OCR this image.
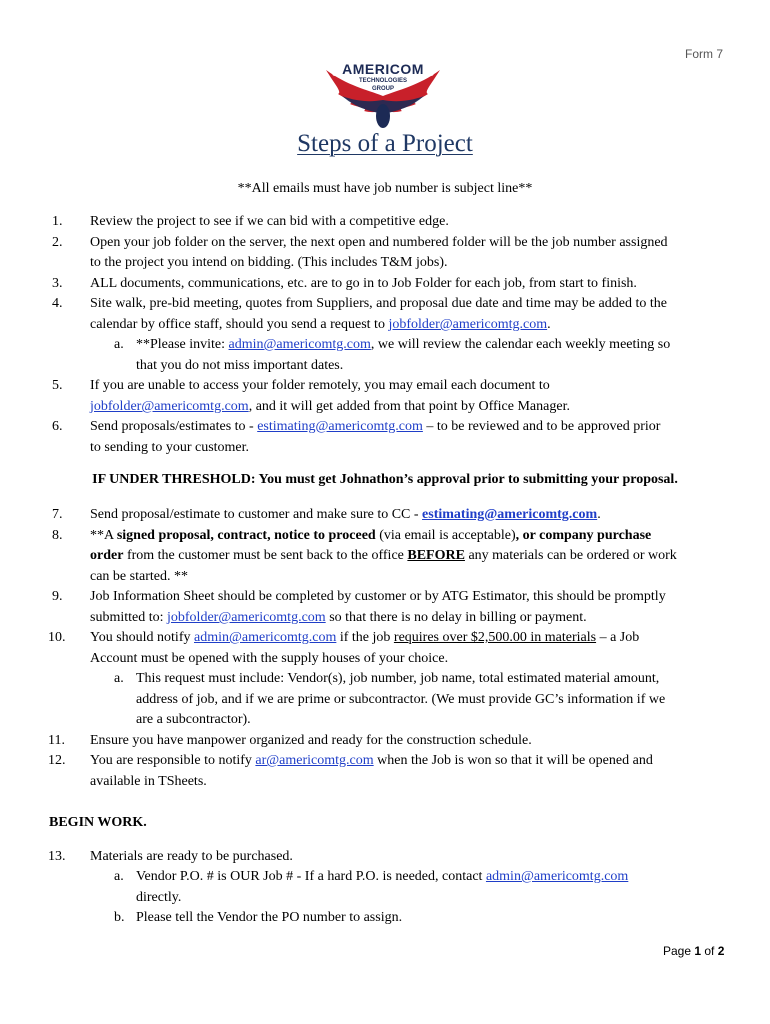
Form 7
AMERICOM
TECHNOLOGIES
GROUP
Steps of a Project
**All emails must have job number is subject line**
1.	Review the project to see if we can bid with a competitive edge.
2. Open your job folder on the server, the next open and numbered folder will be the job number assigned
to the project you intend on bidding. (This includes T&M jobs).
3. ALL documents, communications, etc. are to go in to Job Folder for each job, from start to finish.
4. Site walk, pre-bid meeting, quotes from Suppliers, and proposal due date and time may be added to the
calendar by office staff, should you send a request to jobfolder@americomtg.com.
a. **Please invite: admin@americomtg.com, we will review the calendar each weekly meeting so
that you do not miss important dates.
5. If you are unable to access your folder remotely, you may email each document to
jobfolder@americomtg.com, and it will get added from that point by Office Manager.
6. Send proposals/estimates to - estimating@americomtg.com – to be reviewed and to be approved prior
to sending to your customer.
IF UNDER THRESHOLD: You must get Johnathon’s approval prior to submitting your proposal.
7. Send proposal/estimate to customer and make sure to CC - estimating@americomtg.com.
8. **A signed proposal, contract, notice to proceed (via email is acceptable), or company purchase
order from the customer must be sent back to the office BEFORE any materials can be ordered or work
can be started. **
9. Job Information Sheet should be completed by customer or by ATG Estimator, this should be promptly
submitted to: jobfolder@americomtg.com so that there is no delay in billing or payment.
10. You should notify admin@americomtg.com if the job requires over $2,500.00 in materials – a Job
Account must be opened with the supply houses of your choice.
a. This request must include: Vendor(s), job number, job name, total estimated material amount,
address of job, and if we are prime or subcontractor. (We must provide GC’s information if we
are a subcontractor).
11. Ensure you have manpower organized and ready for the construction schedule.
12. You are responsible to notify ar@americomtg.com when the Job is won so that it will be opened and
available in TSheets.
BEGIN WORK.
13. Materials are ready to be purchased.
a. Vendor P.O. # is OUR Job # - If a hard P.O. is needed, contact admin@americomtg.com
directly.
b. Please tell the Vendor the PO number to assign.
Page 1 of 2
